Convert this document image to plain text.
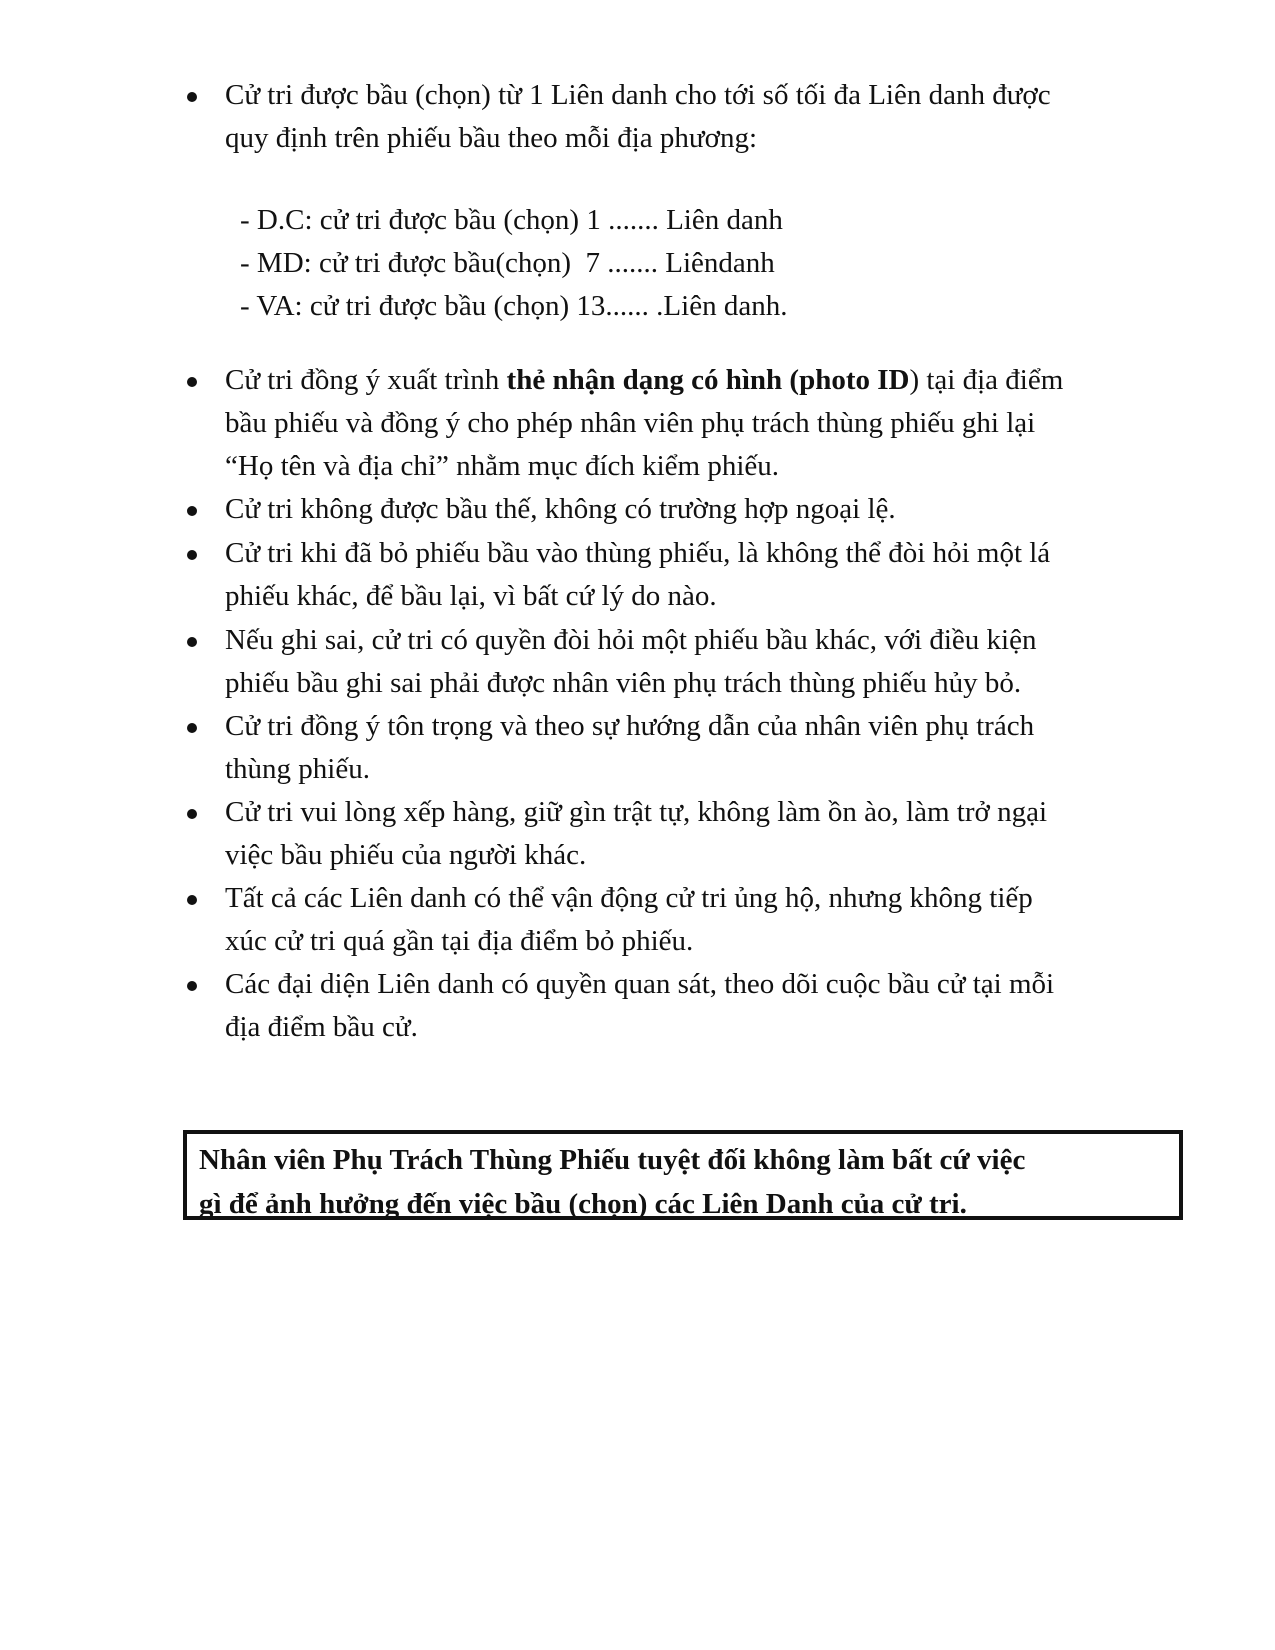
Cử tri được bầu (chọn) từ 1 Liên danh cho tới số tối đa Liên danh được
quy định trên phiếu bầu theo mỗi địa phương:
- D.C: cử tri được bầu (chọn) 1 ....... Liên danh
- MD: cử tri được bầu(chọn)  7 ....... Liêndanh
- VA: cử tri được bầu (chọn) 13...... .Liên danh.
Cử tri đồng ý xuất trình thẻ nhận dạng có hình (photo ID) tại địa điểm
bầu phiếu và đồng ý cho phép nhân viên phụ trách thùng phiếu ghi lại
“Họ tên và địa chỉ” nhằm mục đích kiểm phiếu.
Cử tri không được bầu thế, không có trường hợp ngoại lệ.
Cử tri khi đã bỏ phiếu bầu vào thùng phiếu, là không thể đòi hỏi một lá
phiếu khác, để bầu lại, vì bất cứ lý do nào.
Nếu ghi sai, cử tri có quyền đòi hỏi một phiếu bầu khác, với điều kiện
phiếu bầu ghi sai phải được nhân viên phụ trách thùng phiếu hủy bỏ.
Cử tri đồng ý tôn trọng và theo sự hướng dẫn của nhân viên phụ trách
thùng phiếu.
Cử tri vui lòng xếp hàng, giữ gìn trật tự, không làm ồn ào, làm trở ngại
việc bầu phiếu của người khác.
Tất cả các Liên danh có thể vận động cử tri ủng hộ, nhưng không tiếp
xúc cử tri quá gần tại địa điểm bỏ phiếu.
Các đại diện Liên danh có quyền quan sát, theo dõi cuộc bầu cử tại mỗi
địa điểm bầu cử.
Nhân viên Phụ Trách Thùng Phiếu tuyệt đối không làm bất cứ việc
gì để ảnh hưởng đến việc bầu (chọn) các Liên Danh của cử tri.
